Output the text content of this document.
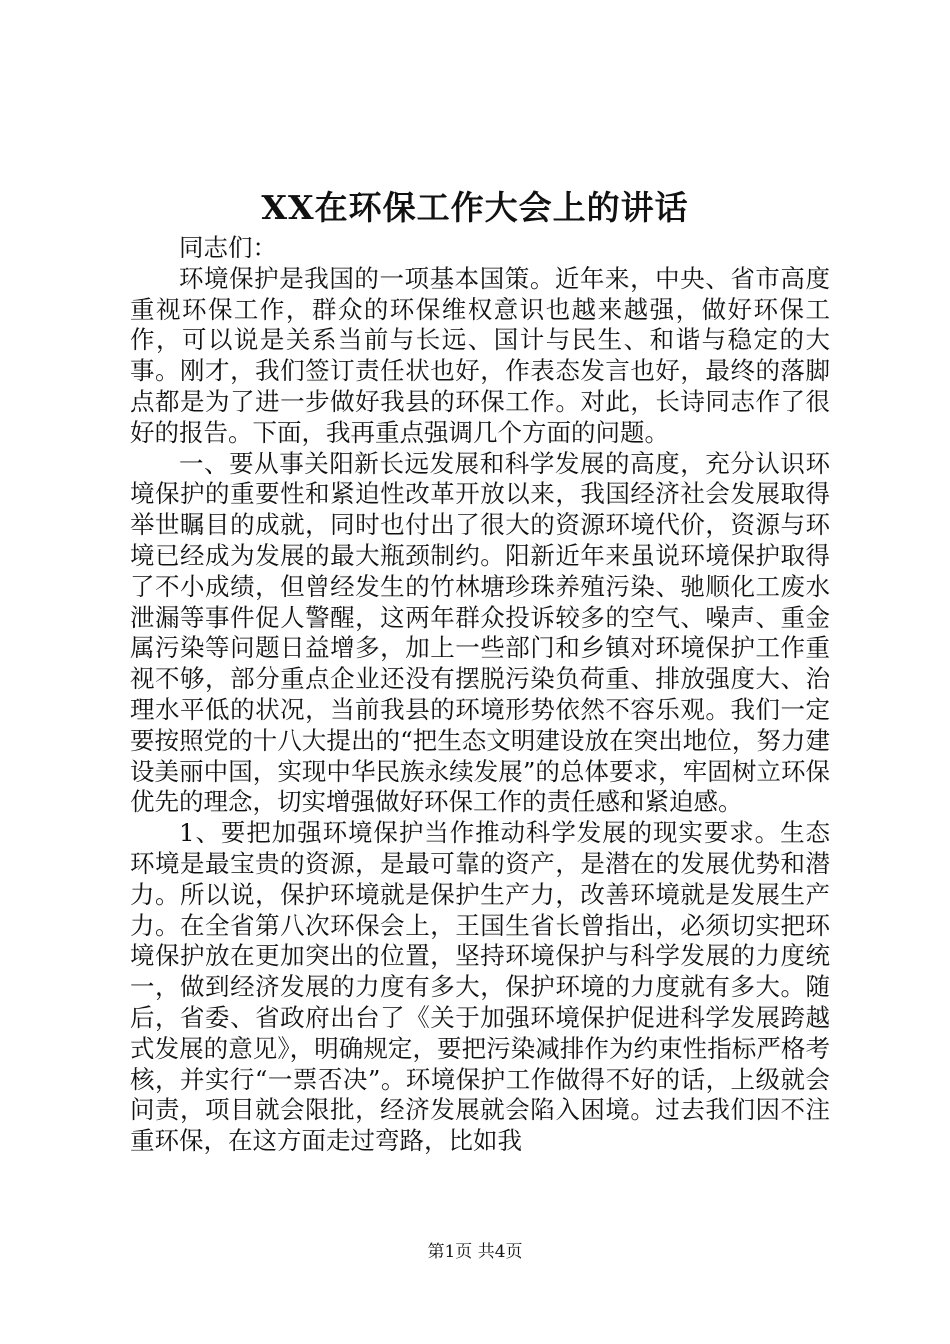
XX在环保工作大会上的讲话

同志们：

环境保护是我国的一项基本国策。近年来，中央、省市高度重视环保工作，群众的环保维权意识也越来越强，做好环保工作，可以说是关系当前与长远、国计与民生、和谐与稳定的大事。刚才，我们签订责任状也好，作表态发言也好，最终的落脚点都是为了进一步做好我县的环保工作。对此，长诗同志作了很好的报告。下面，我再重点强调几个方面的问题。

一、要从事关阳新长远发展和科学发展的高度，充分认识环境保护的重要性和紧迫性改革开放以来，我国经济社会发展取得举世瞩目的成就，同时也付出了很大的资源环境代价，资源与环境已经成为发展的最大瓶颈制约。阳新近年来虽说环境保护取得了不小成绩，但曾经发生的竹林塘珍珠养殖污染、驰顺化工废水泄漏等事件促人警醒，这两年群众投诉较多的空气、噪声、重金属污染等问题日益增多，加上一些部门和乡镇对环境保护工作重视不够，部分重点企业还没有摆脱污染负荷重、排放强度大、治理水平低的状况，当前我县的环境形势依然不容乐观。我们一定要按照党的十八大提出的“把生态文明建设放在突出地位，努力建设美丽中国，实现中华民族永续发展”的总体要求，牢固树立环保优先的理念，切实增强做好环保工作的责任感和紧迫感。

1、要把加强环境保护当作推动科学发展的现实要求。生态环境是最宝贵的资源，是最可靠的资产，是潜在的发展优势和潜力。所以说，保护环境就是保护生产力，改善环境就是发展生产力。在全省第八次环保会上，王国生省长曾指出，必须切实把环境保护放在更加突出的位置，坚持环境保护与科学发展的力度统一，做到经济发展的力度有多大，保护环境的力度就有多大。随后，省委、省政府出台了《关于加强环境保护促进科学发展跨越式发展的意见》，明确规定，要把污染减排作为约束性指标严格考核，并实行“一票否决”。环境保护工作做得不好的话，上级就会问责，项目就会限批，经济发展就会陷入困境。过去我们因不注重环保，在这方面走过弯路，比如我

第1页 共4页
